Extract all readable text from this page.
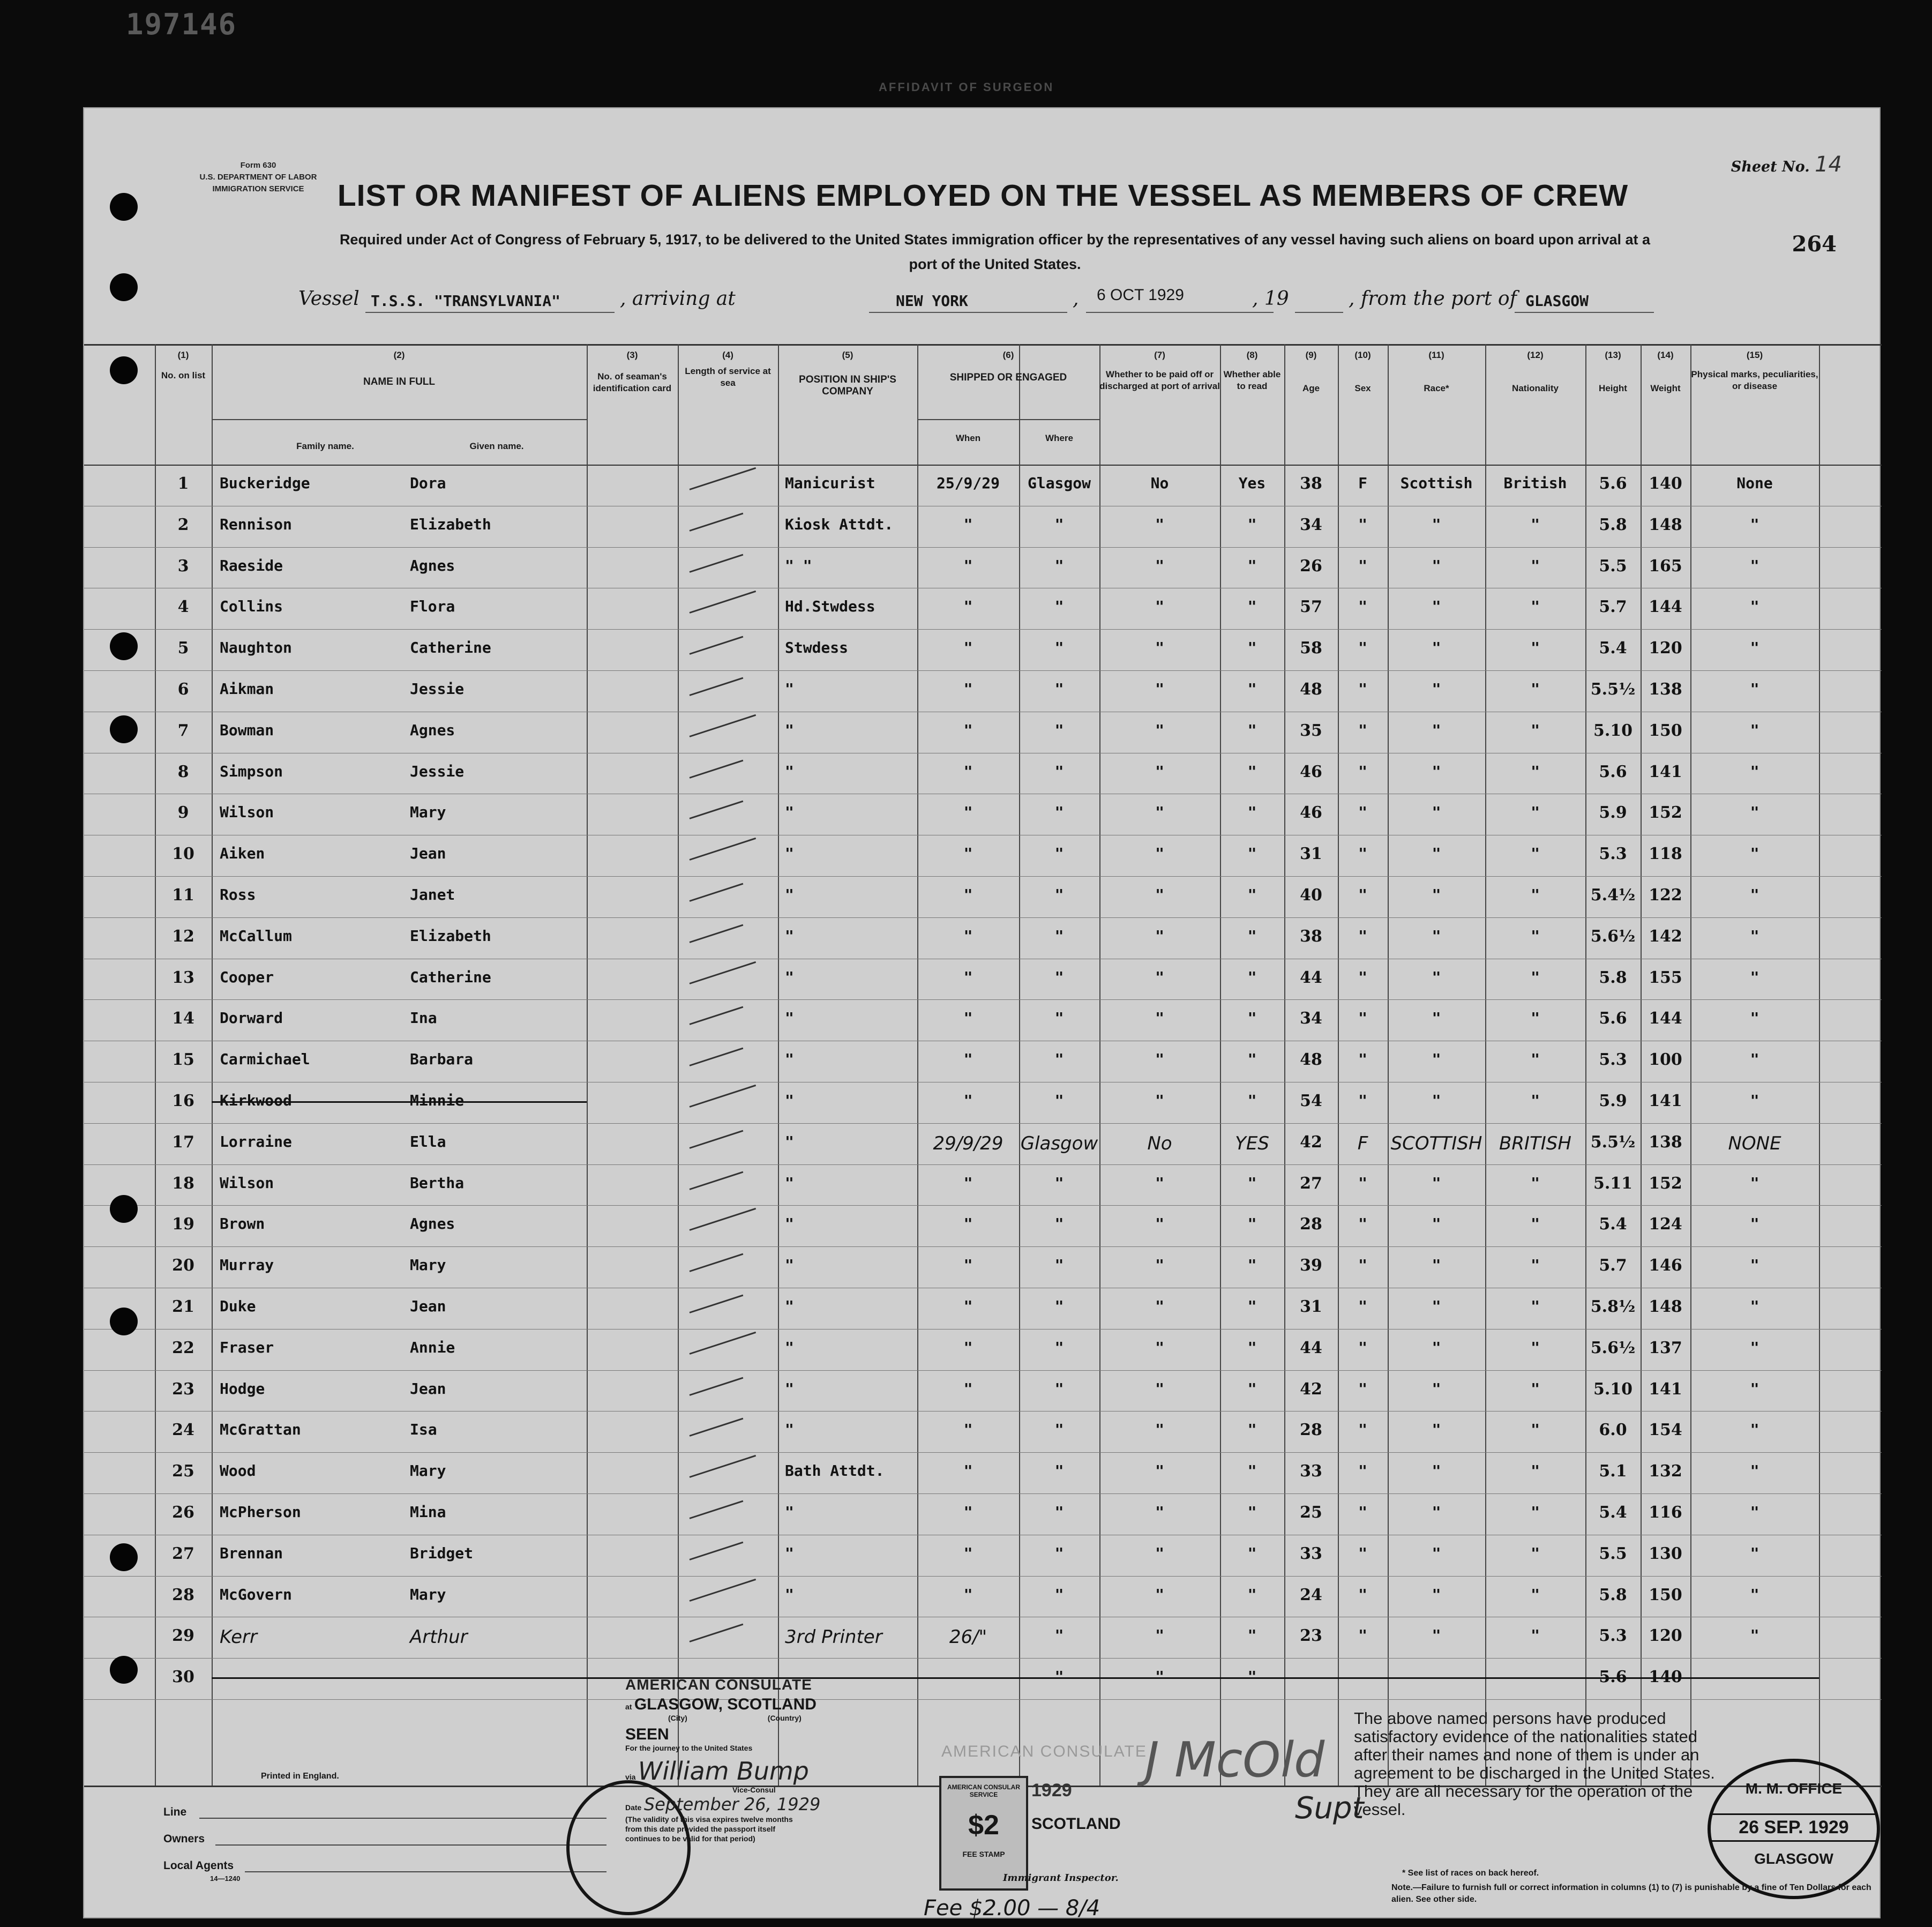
197146
AFFIDAVIT OF SURGEON
Form 630
U.S. DEPARTMENT OF LABOR
IMMIGRATION SERVICE
Sheet No. 14
264
LIST OR MANIFEST OF ALIENS EMPLOYED ON THE VESSEL AS MEMBERS OF CREW
Required under Act of Congress of February 5, 1917, to be delivered to the United States immigration officer by the representatives of any vessel having such aliens on board upon arrival at a port of the United States.
Vessel T.S.S. "TRANSYLVANIA"	, arriving at	NEW YORK	, 6 OCT 1929	, 19	, from the port of GLASGOW
(1)
No. on list
(2)
NAME IN FULL
Family name.	Given name.
(3)
No. of seaman's identification card
(4)
Length of service at sea
(5)
POSITION IN SHIP'S COMPANY
(6)
SHIPPED OR ENGAGED
When	Where
(7)
Whether to be paid off or discharged at port of arrival
(8)
Whether able to read
(9)
Age
(10)
Sex
(11)
Race*
(12)
Nationality
(13)
Height
(14)
Weight
(15)
Physical marks, peculiarities, or disease
1	Buckeridge	Dora	Manicurist	25/9/29	Glasgow	No	Yes	38	F	Scottish	British	5.6	140	None
2	Rennison	Elizabeth	Kiosk Attdt.	"	"	"	"	34	"	"	"	5.8	148	"
3	Raeside	Agnes	" "	"	"	"	"	26	"	"	"	5.5	165	"
4	Collins	Flora	Hd.Stwdess	"	"	"	"	57	"	"	"	5.7	144	"
5	Naughton	Catherine	Stwdess	"	"	"	"	58	"	"	"	5.4	120	"
6	Aikman	Jessie	"	"	"	"	"	48	"	"	"	5.5½ 138	"
7	Bowman	Agnes	"	"	"	"	"	35	"	"	"	5.10	150	"
8	Simpson	Jessie	"	"	"	"	"	46	"	"	"	5.6	141	"
9	Wilson	Mary	"	"	"	"	"	46	"	"	"	5.9	152	"
10	Aiken	Jean	"	"	"	"	"	31	"	"	"	5.3	118	"
11	Ross	Janet	"	"	"	"	"	40	"	"	"	5.4½ 122	"
12	McCallum	Elizabeth	"	"	"	"	"	38	"	"	"	5.6½ 142	"
13	Cooper	Catherine	"	"	"	"	"	44	"	"	"	5.8	155	"
14	Dorward	Ina	"	"	"	"	"	34	"	"	"	5.6	144	"
15	Carmichael	Barbara	"	"	"	"	"	48	"	"	"	5.3	100	"
16	Kirkwood	Minnie	"	"	"	"	"	54	"	"	"	5.9	141	"
17	Lorraine	Ella	"	29/9/29 Glasgow	No	YES	42	F	SCOTTISH BRITISH	5.5½ 138	NONE
18	Wilson	Bertha	"	"	"	"	"	27	"	"	"	5.11	152	"
19	Brown	Agnes	"	"	"	"	"	28	"	"	"	5.4	124	"
20	Murray	Mary	"	"	"	"	"	39	"	"	"	5.7	146	"
21	Duke	Jean	"	"	"	"	"	31	"	"	"	5.8½ 148	"
22	Fraser	Annie	"	"	"	"	"	44	"	"	"	5.6½ 137	"
23	Hodge	Jean	"	"	"	"	"	42	"	"	"	5.10	141	"
24	McGrattan	Isa	"	"	"	"	"	28	"	"	"	6.0	154	"
25	Wood	Mary	Bath Attdt.	"	"	"	"	33	"	"	"	5.1	132	"
26	McPherson	Mina	"	"	"	"	"	25	"	"	"	5.4	116	"
27	Brennan	Bridget	"	"	"	"	"	33	"	"	"	5.5	130	"
28	McGovern	Mary	"	"	"	"	"	24	"	"	"	5.8	150	"
29	Kerr	Arthur	3rd Printer	26/"	"	"	"	23	"	"	"	5.3	120	"
30	"	"	"	5.6	140
Printed in England.
Line
Owners
Local Agents
14—1240
AMERICAN CONSULATE
at GLASGOW, SCOTLAND
(City)	(Country)
SEEN
For the journey to the United States
via William Bump
Vice-Consul
Date September 26, 1929
(The validity of this visa expires twelve months from this date provided the passport itself continues to be valid for that period)
AMERICAN CONSULATE
AMERICAN CONSULAR SERVICE
$2
FEE STAMP
1929
SCOTLAND
Immigrant Inspector.
Fee $2.00 — 8/4
J McOld
Supt
The above named persons have produced satisfactory evidence of the nationalities stated after their names and none of them is under an agreement to be discharged in the United States. They are all necessary for the operation of the vessel.
M. M. OFFICE
26 SEP. 1929
GLASGOW
* See list of races on back hereof.
Note.—Failure to furnish full or correct information in columns (1) to (7) is punishable by a fine of Ten Dollars for each alien. See other side.
